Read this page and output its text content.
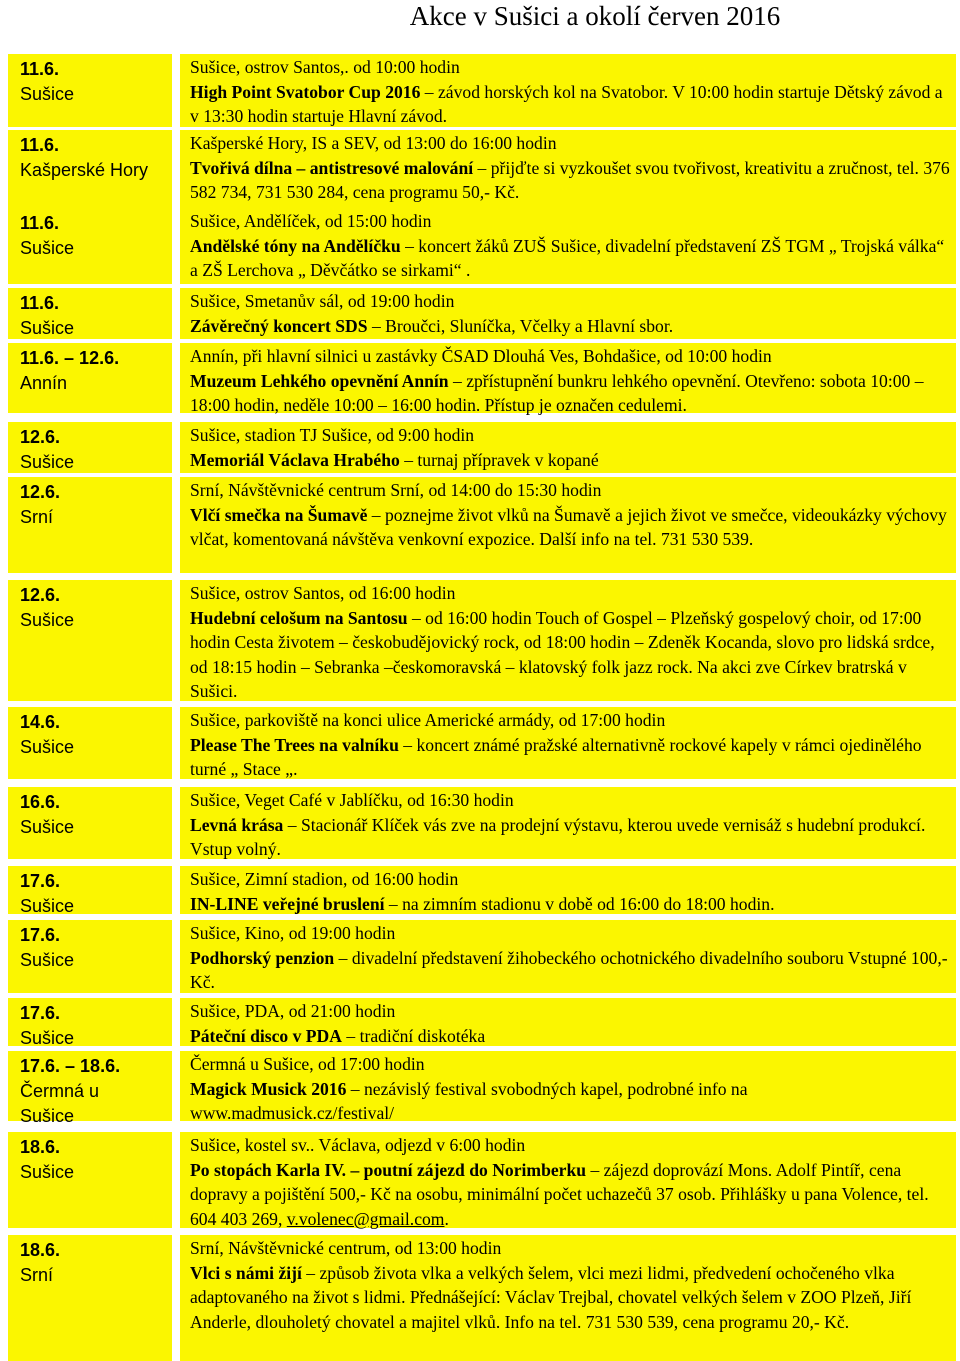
Akce v Sušici a okolí červen 2016
11.6.
Sušice
Sušice, ostrov Santos,. od 10:00 hodin
High Point Svatobor Cup 2016 – závod horských kol na Svatobor. V 10:00 hodin startuje Dětský závod a v 13:30 hodin startuje Hlavní závod.
11.6.
Kašperské Hory
Kašperské Hory, IS a SEV, od 13:00 do 16:00 hodin
Tvořivá dílna – antistresové malování – přijďte si vyzkoušet svou tvořivost, kreativitu a zručnost, tel. 376 582 734, 731 530 284, cena programu 50,- Kč.
11.6.
Sušice
Sušice, Andělíček, od 15:00 hodin
Andělské tóny na Andělíčku – koncert žáků ZUŠ Sušice, divadelní představení ZŠ TGM „ Trojská válka“ a ZŠ Lerchova „ Děvčátko se sirkami“ .
11.6.
Sušice
Sušice, Smetanův sál, od 19:00 hodin
Závěrečný koncert SDS – Broučci, Sluníčka, Včelky a Hlavní sbor.
11.6. – 12.6.
Annín
Annín, při hlavní silnici u zastávky ČSAD Dlouhá Ves, Bohdašice, od 10:00 hodin
Muzeum Lehkého opevnění Annín – zpřístupnění bunkru lehkého opevnění. Otevřeno: sobota 10:00 – 18:00 hodin, neděle 10:00 – 16:00 hodin. Přístup je označen cedulemi.
12.6.
Sušice
Sušice, stadion TJ Sušice, od 9:00 hodin
Memoriál Václava Hrabého – turnaj přípravek v kopané
12.6.
Srní
Srní, Návštěvnické centrum Srní, od 14:00 do 15:30 hodin
Vlčí smečka na Šumavě – poznejme život vlků na Šumavě a jejich život ve smečce, videoukázky výchovy vlčat, komentovaná návštěva venkovní expozice. Další info na tel. 731 530 539.
12.6.
Sušice
Sušice, ostrov Santos, od 16:00 hodin
Hudební celošum na Santosu – od 16:00 hodin Touch of Gospel – Plzeňský gospelový choir, od 17:00 hodin Cesta životem – českobudějovický rock, od 18:00 hodin – Zdeněk Kocanda, slovo pro lidská srdce, od 18:15 hodin – Sebranka –českomoravská – klatovský folk jazz rock. Na akci zve Církev bratrská v Sušici.
14.6.
Sušice
Sušice, parkoviště na konci ulice Americké armády, od 17:00 hodin
Please The Trees na valníku – koncert známé pražské alternativně rockové kapely v rámci ojedinělého turné „ Stace „.
16.6.
Sušice
Sušice, Veget Café v Jablíčku, od 16:30 hodin
Levná krása – Stacionář Klíček vás zve na prodejní výstavu, kterou uvede vernisáž s hudební produkcí. Vstup volný.
17.6.
Sušice
Sušice, Zimní stadion, od 16:00 hodin
IN-LINE veřejné bruslení – na zimním stadionu v době od 16:00 do 18:00 hodin.
17.6.
Sušice
Sušice, Kino, od 19:00 hodin
Podhorský penzion – divadelní představení žihobeckého ochotnického divadelního souboru Vstupné 100,- Kč.
17.6.
Sušice
Sušice, PDA, od 21:00 hodin
Páteční disco v PDA – tradiční diskotéka
17.6. – 18.6.
Čermná u
Sušice
Čermná u Sušice, od 17:00 hodin
Magick Musick 2016 – nezávislý festival svobodných kapel, podrobné info na www.madmusick.cz/festival/
18.6.
Sušice
Sušice, kostel sv.. Václava, odjezd v 6:00 hodin
Po stopách Karla IV. – poutní zájezd do Norimberku – zájezd doprovází Mons. Adolf Pintíř, cena dopravy a pojištění 500,- Kč na osobu, minimální počet uchazečů 37 osob. Přihlášky u pana Volence, tel. 604 403 269, v.volenec@gmail.com.
18.6.
Srní
Srní, Návštěvnické centrum, od 13:00 hodin
Vlci s námi žijí – způsob života vlka a velkých šelem, vlci mezi lidmi, předvedení ochočeného vlka adaptovaného na život s lidmi. Přednášející: Václav Trejbal, chovatel velkých šelem v ZOO Plzeň, Jiří Anderle, dlouholetý chovatel a majitel vlků. Info na tel. 731 530 539, cena programu 20,- Kč.
